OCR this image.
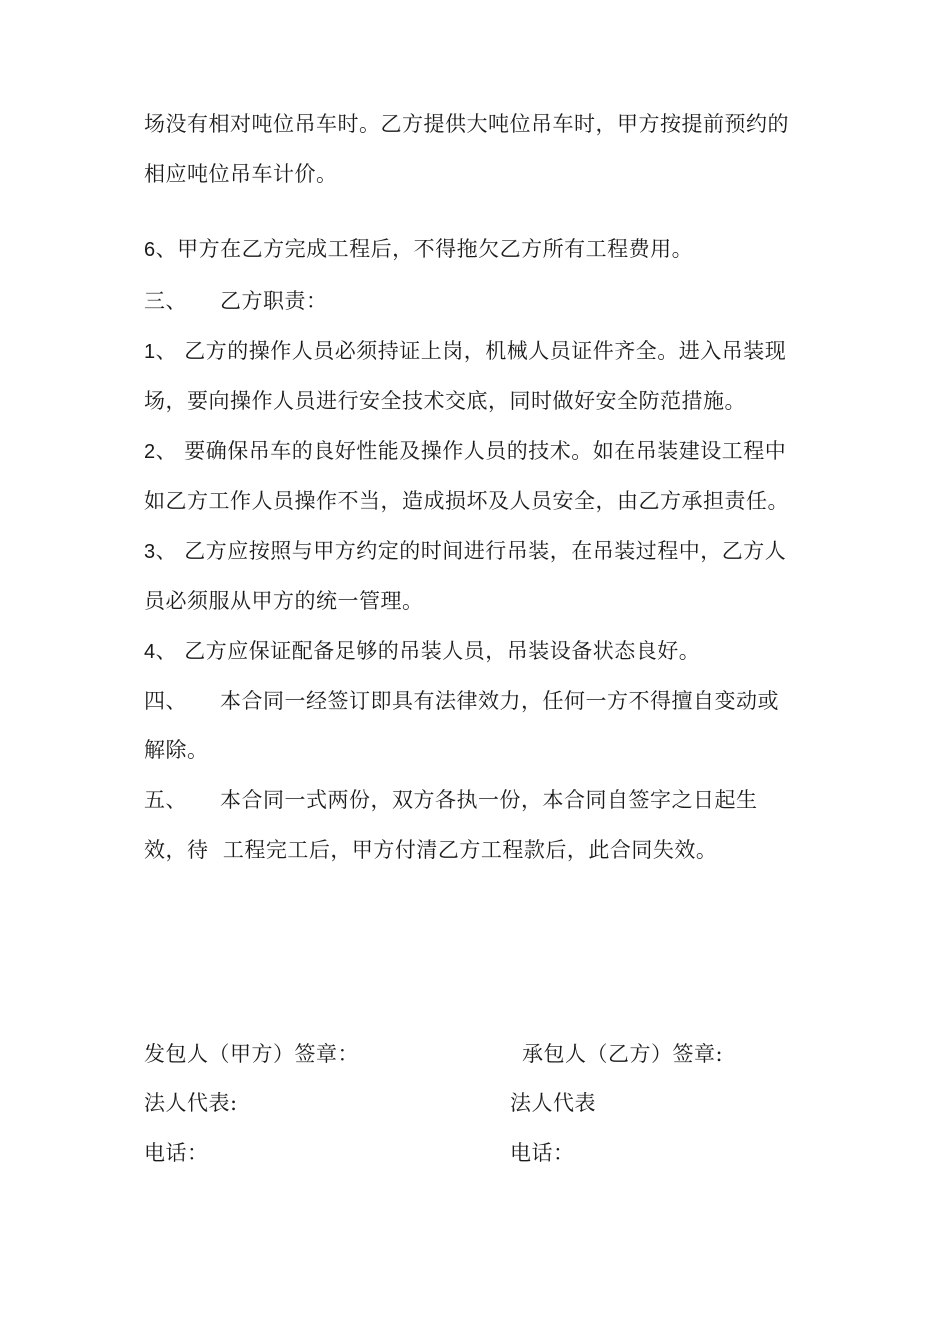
场没有相对吨位吊车时。乙方提供大吨位吊车时，甲方按提前预约的
相应吨位吊车计价。
6、甲方在乙方完成工程后，不得拖欠乙方所有工程费用。
三、 乙方职责：
1、 乙方的操作人员必须持证上岗，机械人员证件齐全。进入吊装现
场，要向操作人员进行安全技术交底，同时做好安全防范措施。
2、 要确保吊车的良好性能及操作人员的技术。如在吊装建设工程中
如乙方工作人员操作不当，造成损坏及人员安全，由乙方承担责任。
3、 乙方应按照与甲方约定的时间进行吊装，在吊装过程中，乙方人
员必须服从甲方的统一管理。
4、 乙方应保证配备足够的吊装人员，吊装设备状态良好。
四、 本合同一经签订即具有法律效力，任何一方不得擅自变动或
解除。
五、 本合同一式两份，双方各执一份，本合同自签字之日起生
效，待  工程完工后，甲方付清乙方工程款后，此合同失效。
发包人（甲方）签章：	承包人（乙方）签章:
法人代表:	法人代表
电话：	电话：
